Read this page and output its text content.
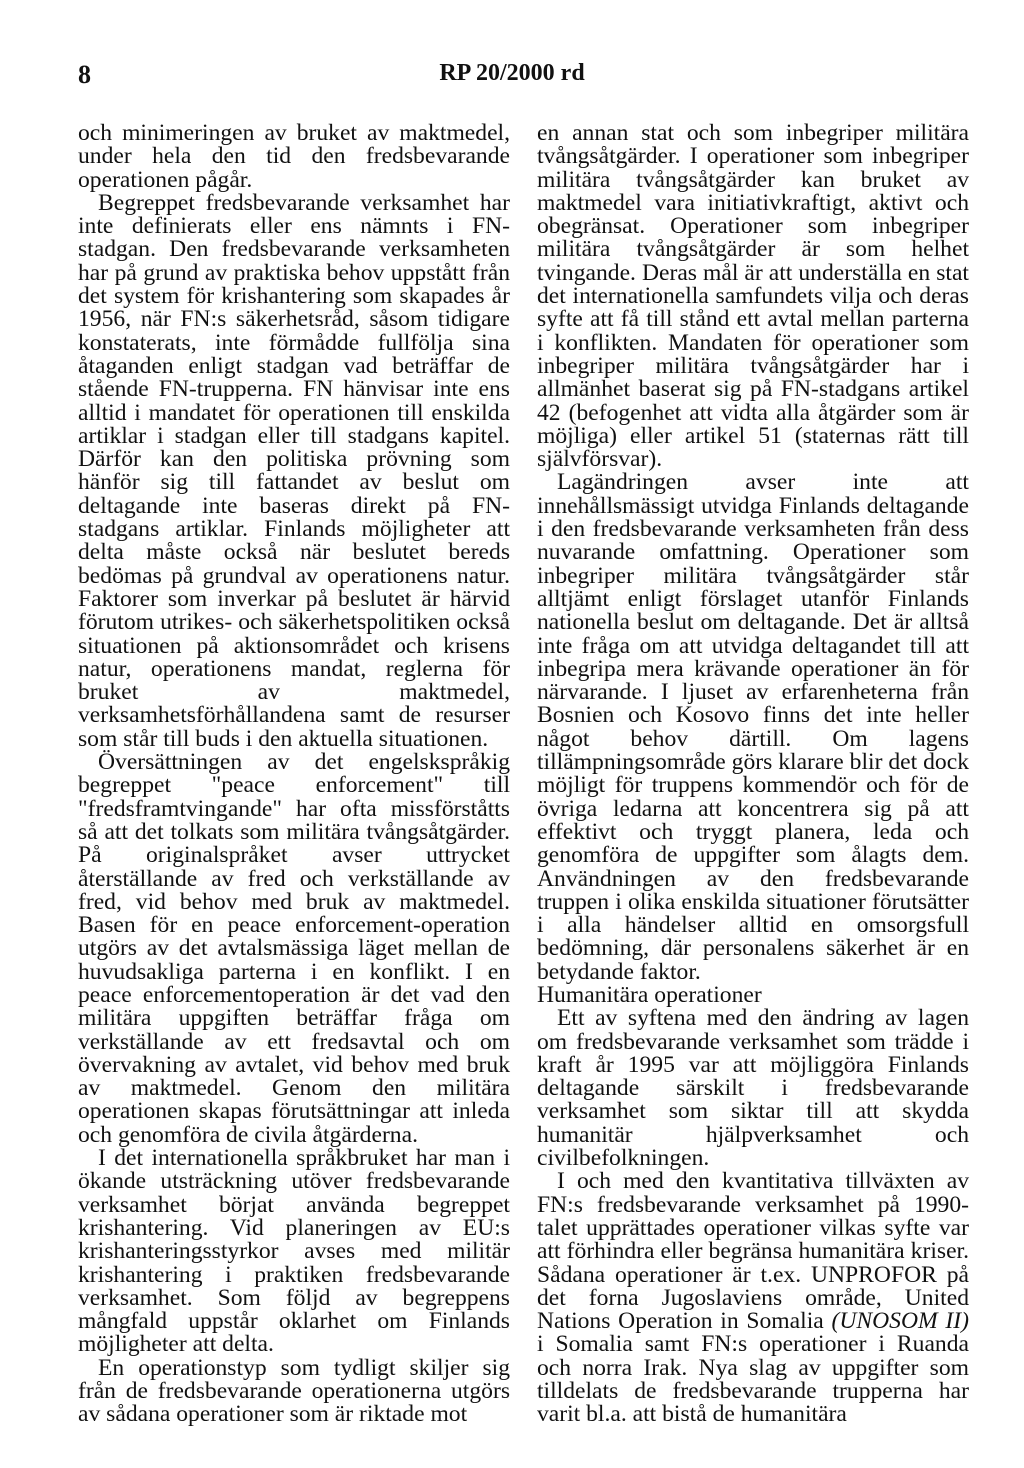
8	RP 20/2000 rd

och minimeringen av bruket av maktmedel, under hela den tid den fredsbevarande operationen pågår.

Begreppet fredsbevarande verksamhet har inte definierats eller ens nämnts i FN-stadgan. Den fredsbevarande verksamheten har på grund av praktiska behov uppstått från det system för krishantering som skapades år 1956, när FN:s säkerhetsråd, såsom tidigare konstaterats, inte förmådde fullfölja sina åtaganden enligt stadgan vad beträffar de stående FN-trupperna. FN hänvisar inte ens alltid i mandatet för operationen till enskilda artiklar i stadgan eller till stadgans kapitel. Därför kan den politiska prövning som hänför sig till fattandet av beslut om deltagande inte baseras direkt på FN-stadgans artiklar. Finlands möjligheter att delta måste också när beslutet bereds bedömas på grundval av operationens natur. Faktorer som inverkar på beslutet är härvid förutom utrikes- och säkerhetspolitiken också situationen på aktionsområdet och krisens natur, operationens mandat, reglerna för bruket av maktmedel, verksamhetsförhållandena samt de resurser som står till buds i den aktuella situationen.

Översättningen av det engelskspråkig begreppet "peace enforcement" till "fredsframtvingande" har ofta missförståtts så att det tolkats som militära tvångsåtgärder. På originalspråket avser uttrycket återställande av fred och verkställande av fred, vid behov med bruk av maktmedel. Basen för en peace enforcement-operation utgörs av det avtalsmässiga läget mellan de huvudsakliga parterna i en konflikt. I en peace enforcementoperation är det vad den militära uppgiften beträffar fråga om verkställande av ett fredsavtal och om övervakning av avtalet, vid behov med bruk av maktmedel. Genom den militära operationen skapas förutsättningar att inleda och genomföra de civila åtgärderna.

I det internationella språkbruket har man i ökande utsträckning utöver fredsbevarande verksamhet börjat använda begreppet krishantering. Vid planeringen av EU:s krishanteringsstyrkor avses med militär krishantering i praktiken fredsbevarande verksamhet. Som följd av begreppens mångfald uppstår oklarhet om Finlands möjligheter att delta.

En operationstyp som tydligt skiljer sig från de fredsbevarande operationerna utgörs av sådana operationer som är riktade mot

en annan stat och som inbegriper militära tvångsåtgärder. I operationer som inbegriper militära tvångsåtgärder kan bruket av maktmedel vara initiativkraftigt, aktivt och obegränsat. Operationer som inbegriper militära tvångsåtgärder är som helhet tvingande. Deras mål är att underställa en stat det internationella samfundets vilja och deras syfte att få till stånd ett avtal mellan parterna i konflikten. Mandaten för operationer som inbegriper militära tvångsåtgärder har i allmänhet baserat sig på FN-stadgans artikel 42 (befogenhet att vidta alla åtgärder som är möjliga) eller artikel 51 (staternas rätt till självförsvar).

Lagändringen avser inte att innehållsmässigt utvidga Finlands deltagande i den fredsbevarande verksamheten från dess nuvarande omfattning. Operationer som inbegriper militära tvångsåtgärder står alltjämt enligt förslaget utanför Finlands nationella beslut om deltagande. Det är alltså inte fråga om att utvidga deltagandet till att inbegripa mera krävande operationer än för närvarande. I ljuset av erfarenheterna från Bosnien och Kosovo finns det inte heller något behov därtill. Om lagens tillämpningsområde görs klarare blir det dock möjligt för truppens kommendör och för de övriga ledarna att koncentrera sig på att effektivt och tryggt planera, leda och genomföra de uppgifter som ålagts dem. Användningen av den fredsbevarande truppen i olika enskilda situationer förutsätter i alla händelser alltid en omsorgsfull bedömning, där personalens säkerhet är en betydande faktor.

Humanitära operationer

Ett av syftena med den ändring av lagen om fredsbevarande verksamhet som trädde i kraft år 1995 var att möjliggöra Finlands deltagande särskilt i fredsbevarande verksamhet som siktar till att skydda humanitär hjälpverksamhet och civilbefolkningen.

I och med den kvantitativa tillväxten av FN:s fredsbevarande verksamhet på 1990-talet upprättades operationer vilkas syfte var att förhindra eller begränsa humanitära kriser. Sådana operationer är t.ex. UNPROFOR på det forna Jugoslaviens område, United Nations Operation in Somalia (UNOSOM II) i Somalia samt FN:s operationer i Ruanda och norra Irak. Nya slag av uppgifter som tilldelats de fredsbevarande trupperna har varit bl.a. att bistå de humanitära
